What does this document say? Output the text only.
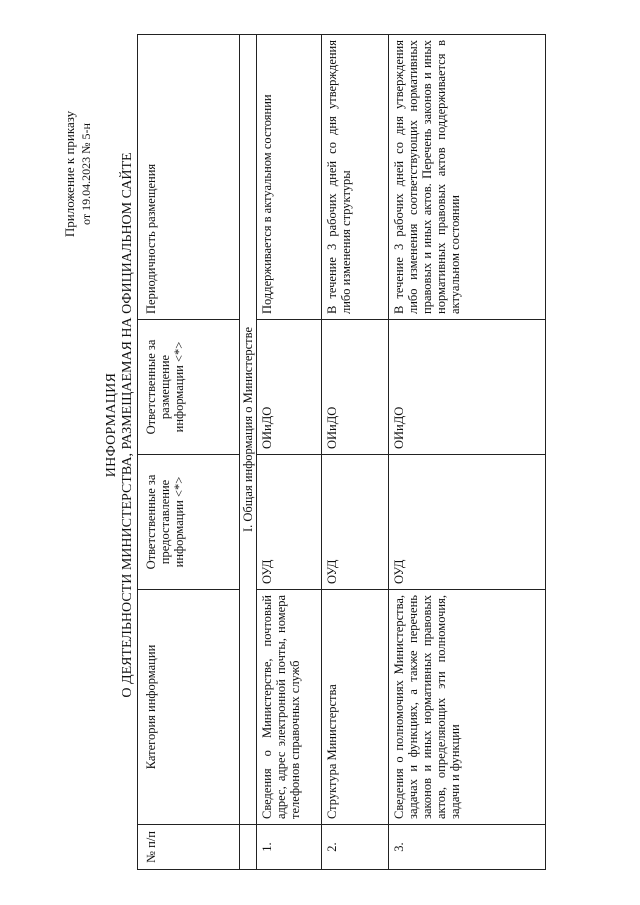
Приложение к приказу от 19.04.2023 № 5-н
ИНФОРМАЦИЯ О ДЕЯТЕЛЬНОСТИ МИНИСТЕРСТВА, РАЗМЕЩАЕМАЯ НА ОФИЦИАЛЬНОМ САЙТЕ
№ п/п	Категория информации	Ответственные за предоставление информации <*>	Ответственные за размещение информации <*>	Периодичность размещения
	I. Общая информация о Министерстве			
1.	Сведения о Министерстве, почтовый адрес, адрес электронной почты, номера телефонов справочных служб	ОУД	ОИиДО	Поддерживается в актуальном состоянии
2.	Структура Министерства	ОУД	ОИиДО	В течение 3 рабочих дней со дня утверждения либо изменения структуры
3.	Сведения о полномочиях Министерства, задачах и функциях, а также перечень законов и иных нормативных правовых актов, определяющих эти полномочия, задачи и функции	ОУД	ОИиДО	В течение 3 рабочих дней со дня утверждения либо изменения соответствующих нормативных правовых и иных актов. Перечень законов и иных нормативных правовых актов поддерживается в актуальном состоянии
